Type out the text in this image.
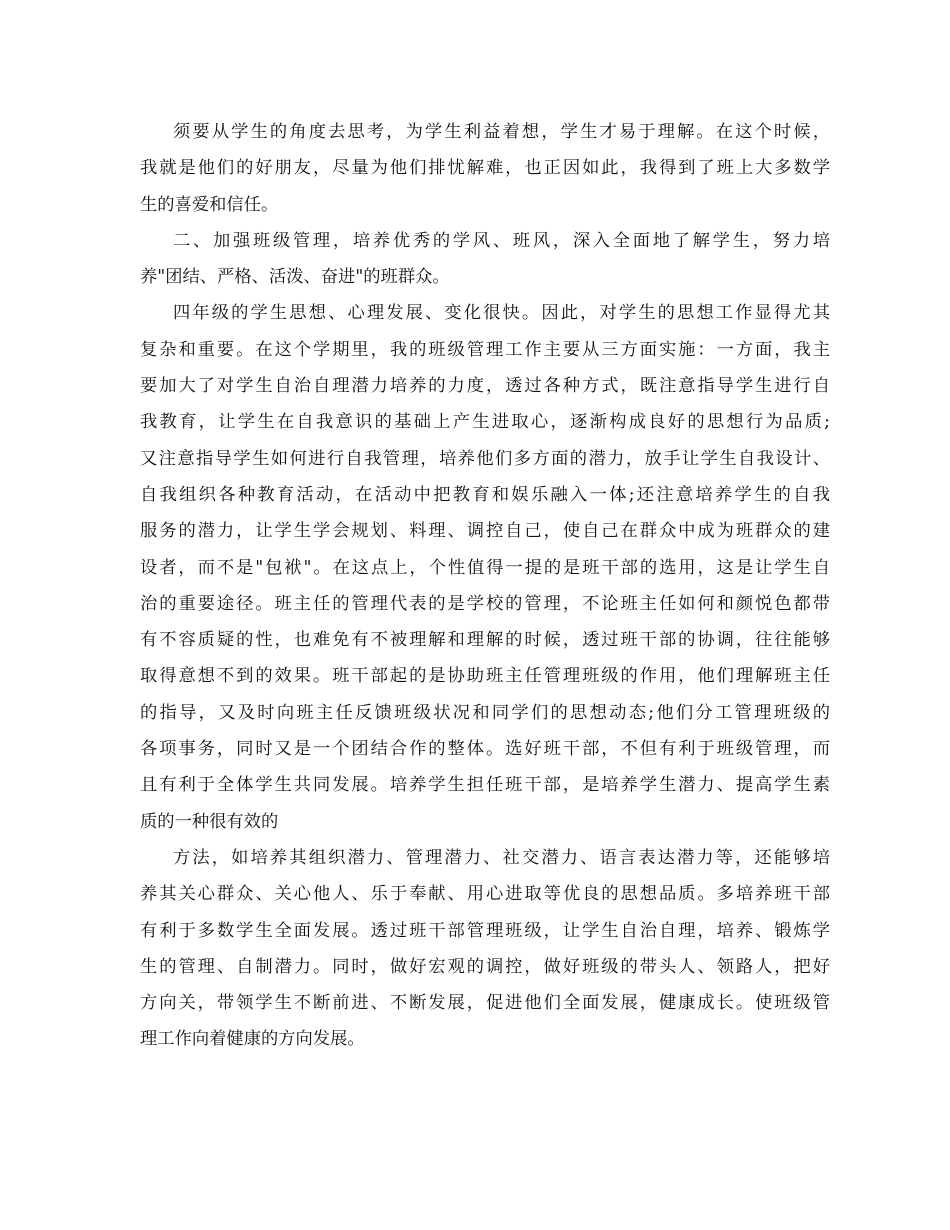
须要从学生的角度去思考，为学生利益着想，学生才易于理解。在这个时候，
我就是他们的好朋友，尽量为他们排忧解难，也正因如此，我得到了班上大多数学
生的喜爱和信任。
二、加强班级管理，培养优秀的学风、班风，深入全面地了解学生，努力培
养"团结、严格、活泼、奋进"的班群众。
四年级的学生思想、心理发展、变化很快。因此，对学生的思想工作显得尤其
复杂和重要。在这个学期里，我的班级管理工作主要从三方面实施：一方面，我主
要加大了对学生自治自理潜力培养的力度，透过各种方式，既注意指导学生进行自
我教育，让学生在自我意识的基础上产生进取心，逐渐构成良好的思想行为品质;
又注意指导学生如何进行自我管理，培养他们多方面的潜力，放手让学生自我设计、
自我组织各种教育活动，在活动中把教育和娱乐融入一体;还注意培养学生的自我
服务的潜力，让学生学会规划、料理、调控自己，使自己在群众中成为班群众的建
设者，而不是"包袱"。在这点上，个性值得一提的是班干部的选用，这是让学生自
治的重要途径。班主任的管理代表的是学校的管理，不论班主任如何和颜悦色都带
有不容质疑的性，也难免有不被理解和理解的时候，透过班干部的协调，往往能够
取得意想不到的效果。班干部起的是协助班主任管理班级的作用，他们理解班主任
的指导，又及时向班主任反馈班级状况和同学们的思想动态;他们分工管理班级的
各项事务，同时又是一个团结合作的整体。选好班干部，不但有利于班级管理，而
且有利于全体学生共同发展。培养学生担任班干部，是培养学生潜力、提高学生素
质的一种很有效的
方法，如培养其组织潜力、管理潜力、社交潜力、语言表达潜力等，还能够培
养其关心群众、关心他人、乐于奉献、用心进取等优良的思想品质。多培养班干部
有利于多数学生全面发展。透过班干部管理班级，让学生自治自理，培养、锻炼学
生的管理、自制潜力。同时，做好宏观的调控，做好班级的带头人、领路人，把好
方向关，带领学生不断前进、不断发展，促进他们全面发展，健康成长。使班级管
理工作向着健康的方向发展。
